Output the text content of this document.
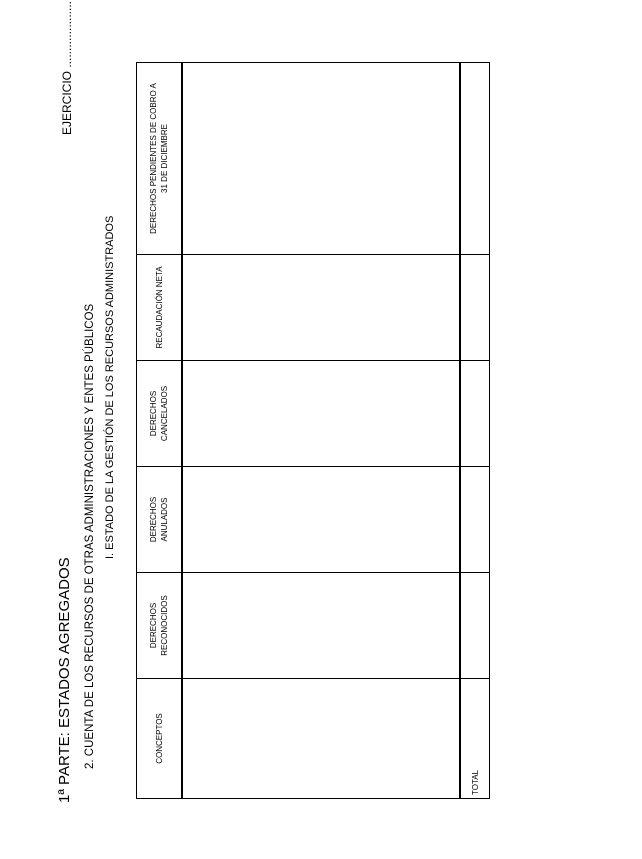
1ª PARTE: ESTADOS AGREGADOS
EJERCICIO ....................
2. CUENTA DE LOS RECURSOS DE OTRAS ADMINISTRACIONES Y ENTES PÚBLICOS I. ESTADO DE LA GESTIÓN DE LOS RECURSOS ADMINISTRADOS
CONCEPTOS	DERECHOS RECONOCIDOS	DERECHOS ANULADOS	DERECHOS CANCELADOS	RECAUDACIÓN NETA	DERECHOS PENDIENTES DE COBRO A 31 DE DICIEMBRE

TOTAL					
